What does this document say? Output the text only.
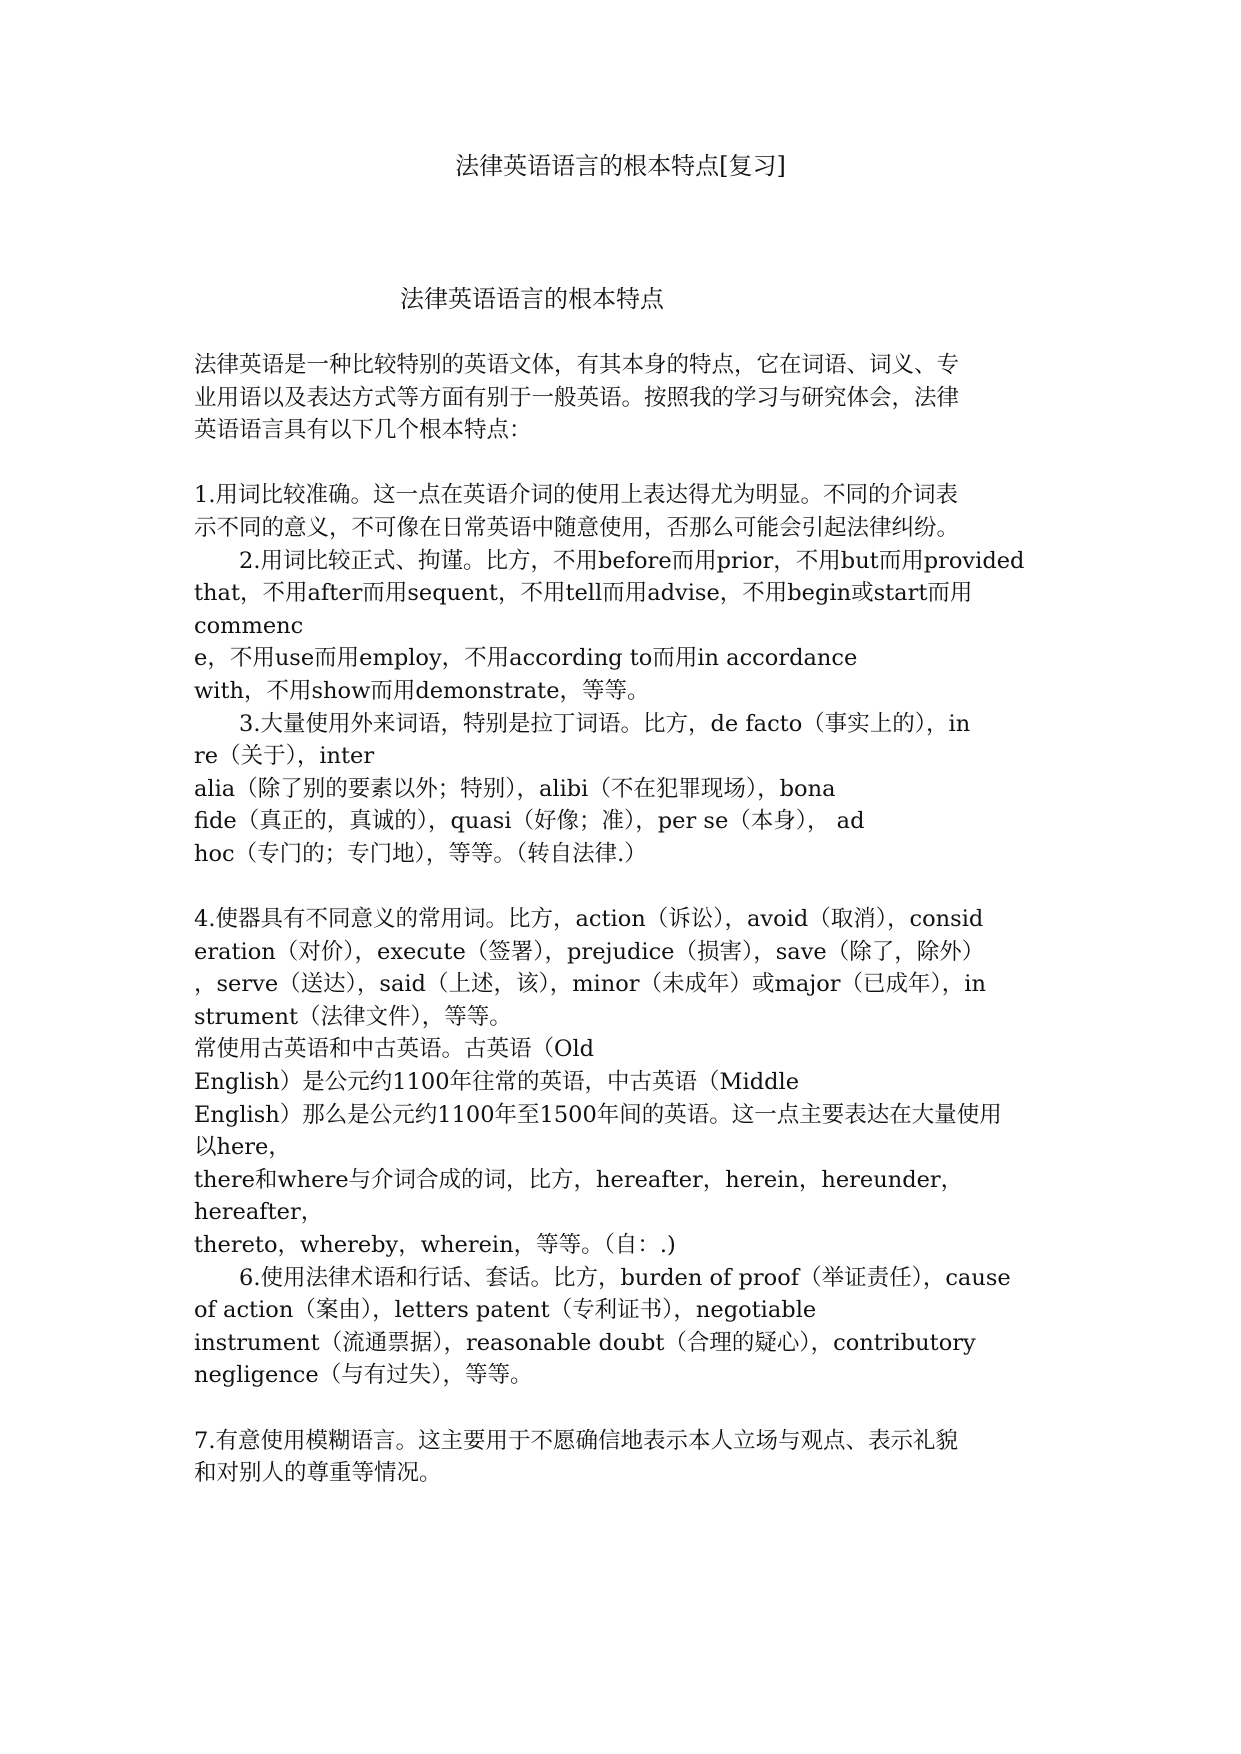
法律英语语言的根本特点[复习]
法律英语语言的根本特点

法律英语是一种比较特别的英语文体，有其本身的特点，它在词语、词义、专

业用语以及表达方式等方面有别于一般英语。按照我的学习与研究体会，法律

英语语言具有以下几个根本特点：

1.用词比较准确。这一点在英语介词的使用上表达得尤为明显。不同的介词表

示不同的意义，不可像在日常英语中随意使用，否那么可能会引起法律纠纷。

2.用词比较正式、拘谨。比方，不用before而用prior，不用but而用provided

that，不用after而用sequent，不用tell而用advise，不用begin或start而用commenc

e，不用use而用employ，不用according to而用in accordance

with，不用show而用demonstrate，等等。

3.大量使用外来词语，特别是拉丁词语。比方，de facto（事实上的），in

re（关于），inter

alia（除了别的要素以外；特别），alibi（不在犯罪现场），bona

fide（真正的，真诚的），quasi（好像；准），per se（本身）， ad

hoc（专门的；专门地），等等。（转自法律.）

4.使器具有不同意义的常用词。比方，action（诉讼），avoid（取消），consid

eration（对价），execute（签署），prejudice（损害），save（除了，除外）

，serve（送达），said（上述，该），minor（未成年）或major（已成年），in

strument（法律文件），等等。

常使用古英语和中古英语。古英语（Old

English）是公元约1100年往常的英语，中古英语（Middle

English）那么是公元约1100年至1500年间的英语。这一点主要表达在大量使用

以here，

there和where与介词合成的词，比方，hereafter，herein，hereunder，hereafter，

thereto，whereby，wherein，等等。（自：.)

6.使用法律术语和行话、套话。比方，burden of proof（举证责任），cause

of action（案由），letters patent（专利证书），negotiable

instrument（流通票据），reasonable doubt（合理的疑心），contributory

negligence（与有过失），等等。

7.有意使用模糊语言。这主要用于不愿确信地表示本人立场与观点、表示礼貌

和对别人的尊重等情况。
